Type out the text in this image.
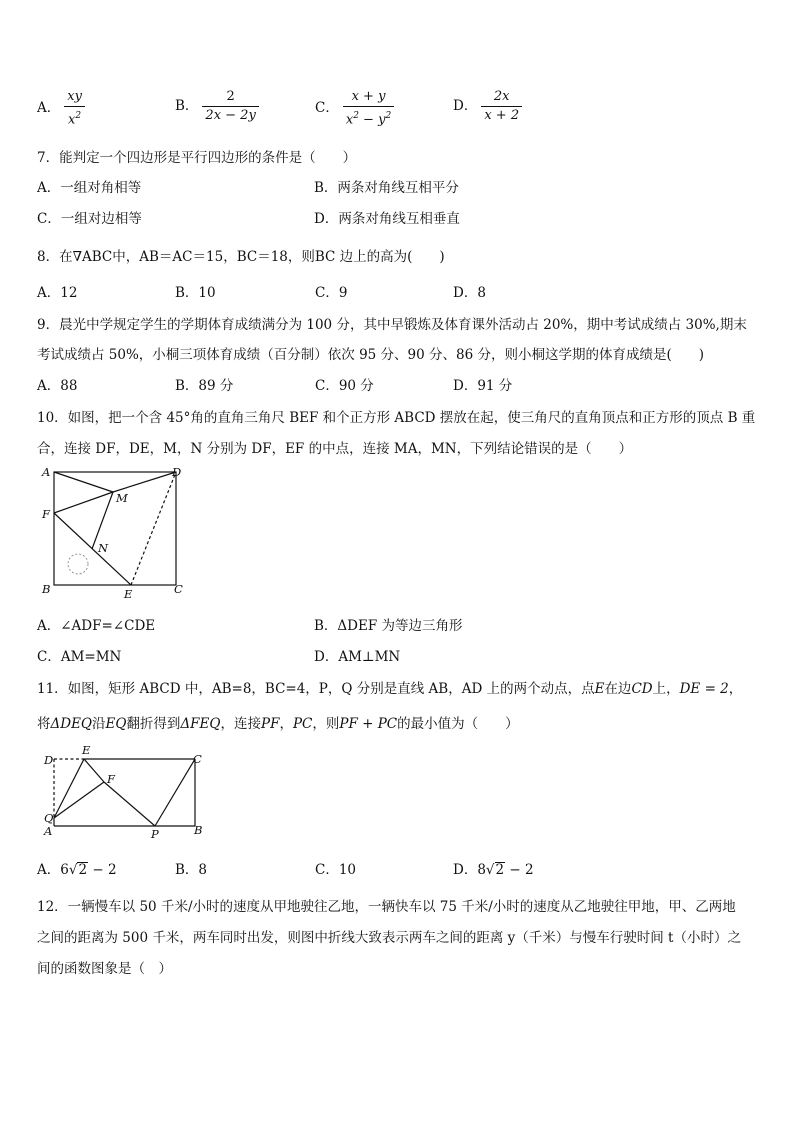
A． $\frac{xy}{x^2}$	B． $\frac{2}{2x - 2y}$	C． $\frac{x + y}{x^2 - y^2}$	D． $\frac{2x}{x + 2}$
7．能判定一个四边形是平行四边形的条件是（　　）
A．一组对角相等	B．两条对角线互相平分
C．一组对边相等	D．两条对角线互相垂直
8．在∇ABC中，AB＝AC＝15，BC＝18，则BC 边上的高为(　　)
A．12	B．10	C．9	D．8
9．晨光中学规定学生的学期体育成绩满分为 100 分，其中早锻炼及体育课外活动占 20%，期中考试成绩占 30%,期末
考试成绩占 50%，小桐三项体育成绩（百分制）依次 95 分、90 分、86 分，则小桐这学期的体育成绩是(　　)
A．88	B．89 分	C．90 分	D．91 分
10．如图，把一个含 45°角的直角三角尺 BEF 和个正方形 ABCD 摆放在起，使三角尺的直角顶点和正方形的顶点 B 重
合，连接 DF，DE，M，N 分别为 DF，EF 的中点，连接 MA，MN，下列结论错误的是（　　）
A	D
M
F
N
B	E	C
D
E
C
F
Q
A	P	B
A．∠ADF=∠CDE	B．ΔDEF 为等边三角形
C．AM=MN	D．AM⊥MN
11．如图，矩形 ABCD 中，AB=8，BC=4，P，Q 分别是直线 AB，AD 上的两个动点，点E在边CD上，DE = 2，
将ΔDEQ沿EQ翻折得到ΔFEQ，连接PF，PC，则PF + PC的最小值为（　　）
A．6√2 − 2	B．8	C．10	D．8√2 − 2
12．一辆慢车以 50 千米/小时的速度从甲地驶往乙地，一辆快车以 75 千米/小时的速度从乙地驶往甲地，甲、乙两地
之间的距离为 500 千米，两车同时出发，则图中折线大致表示两车之间的距离 y（千米）与慢车行驶时间 t（小时）之
间的函数图象是（　）
